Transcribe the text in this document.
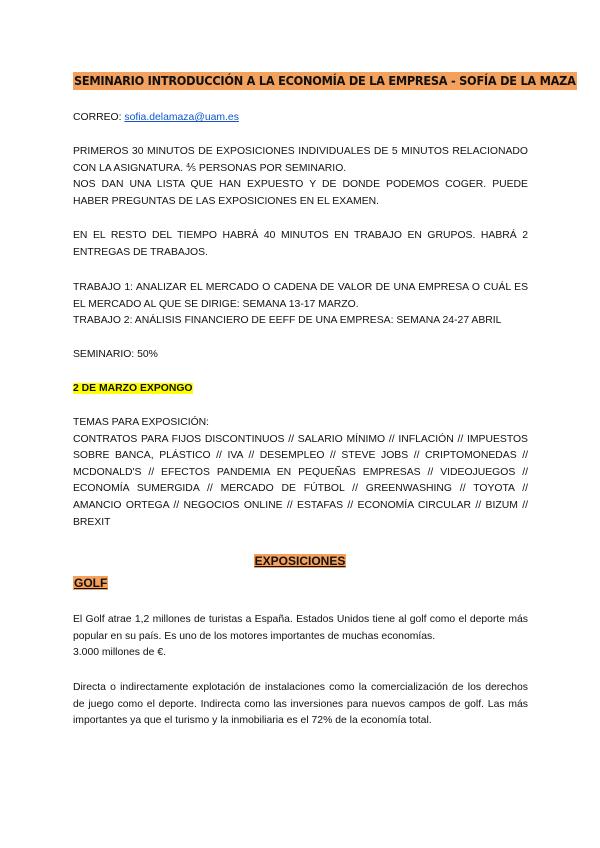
SEMINARIO INTRODUCCIÓN A LA ECONOMÍA DE LA EMPRESA - SOFÍA DE LA MAZA
CORREO: sofia.delamaza@uam.es
PRIMEROS 30 MINUTOS DE EXPOSICIONES INDIVIDUALES DE 5 MINUTOS RELACIONADO CON LA ASIGNATURA. ⅘ PERSONAS POR SEMINARIO.
NOS DAN UNA LISTA QUE HAN EXPUESTO Y DE DONDE PODEMOS COGER. PUEDE HABER PREGUNTAS DE LAS EXPOSICIONES EN EL EXAMEN.
EN EL RESTO DEL TIEMPO HABRÁ 40 MINUTOS EN TRABAJO EN GRUPOS. HABRÁ 2 ENTREGAS DE TRABAJOS.
TRABAJO 1: ANALIZAR EL MERCADO O CADENA DE VALOR DE UNA EMPRESA O CUÁL ES EL MERCADO AL QUE SE DIRIGE: SEMANA 13-17 MARZO.
TRABAJO 2: ANÁLISIS FINANCIERO DE EEFF DE UNA EMPRESA: SEMANA 24-27 ABRIL
SEMINARIO: 50%
2 DE MARZO EXPONGO
TEMAS PARA EXPOSICIÓN:
CONTRATOS PARA FIJOS DISCONTINUOS // SALARIO MÍNIMO // INFLACIÓN // IMPUESTOS SOBRE BANCA, PLÁSTICO // IVA // DESEMPLEO // STEVE JOBS // CRIPTOMONEDAS // MCDONALD'S // EFECTOS PANDEMIA EN PEQUEÑAS EMPRESAS // VIDEOJUEGOS // ECONOMÍA SUMERGIDA // MERCADO DE FÚTBOL // GREENWASHING // TOYOTA // AMANCIO ORTEGA // NEGOCIOS ONLINE // ESTAFAS // ECONOMÍA CIRCULAR // BIZUM // BREXIT
EXPOSICIONES
GOLF
El Golf atrae 1,2 millones de turistas a España. Estados Unidos tiene al golf como el deporte más popular en su país. Es uno de los motores importantes de muchas economías.
3.000 millones de €.
Directa o indirectamente explotación de instalaciones como la comercialización de los derechos de juego como el deporte. Indirecta como las inversiones para nuevos campos de golf. Las más importantes ya que el turismo y la inmobiliaria es el 72% de la economía total.
